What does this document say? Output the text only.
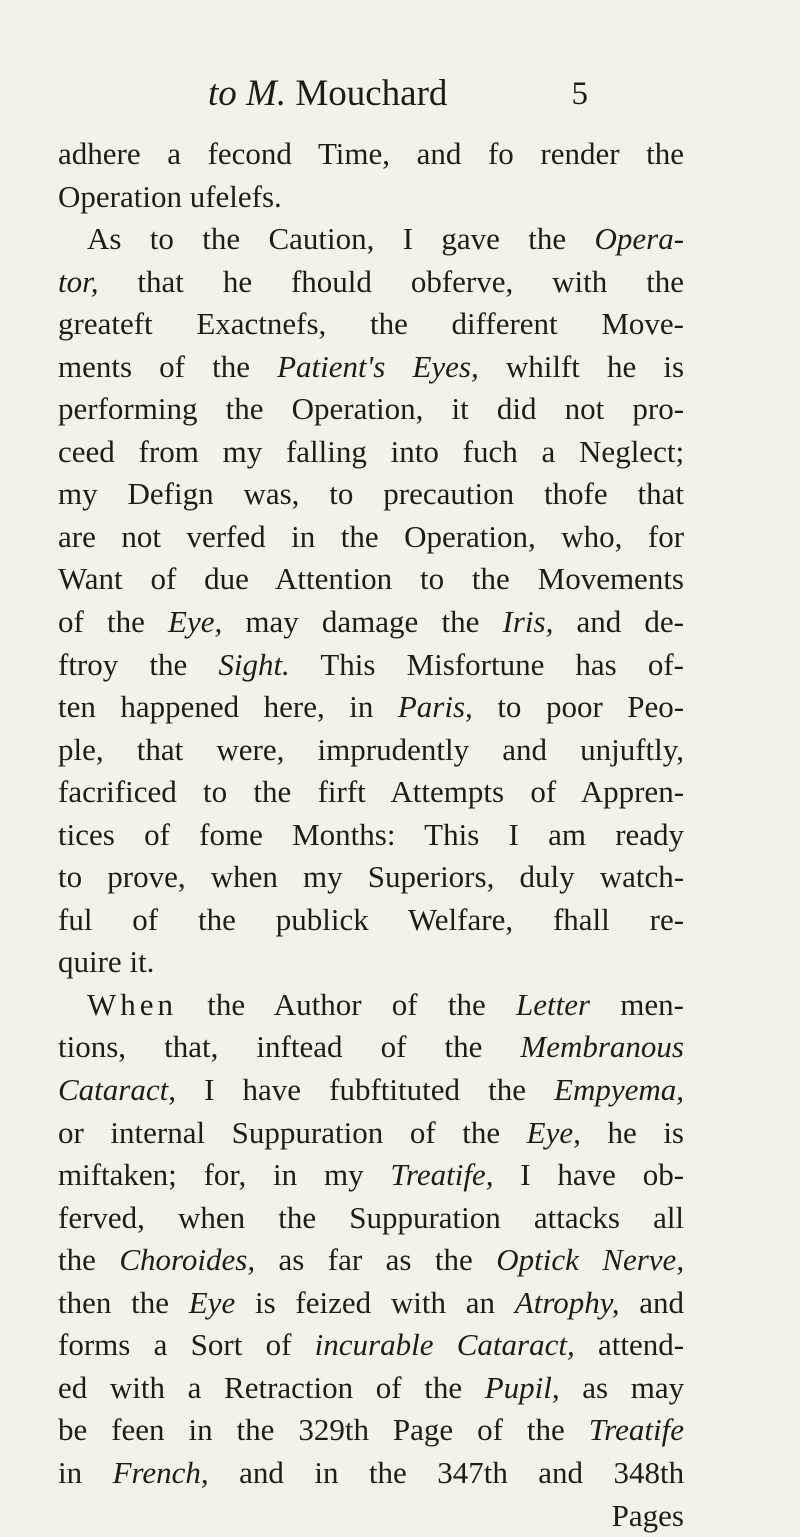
to M. Mouchard	5
adhere a fecond Time, and fo render the
Operation ufelefs.
As to the Caution, I gave the Opera-
tor, that he fhould obferve, with the
greateft Exactnefs, the different Move-
ments of the Patient's Eyes, whilft he is
performing the Operation, it did not pro-
ceed from my falling into fuch a Neglect;
my Defign was, to precaution thofe that
are not verfed in the Operation, who, for
Want of due Attention to the Movements
of the Eye, may damage the Iris, and de-
ftroy the Sight. This Misfortune has of-
ten happened here, in Paris, to poor Peo-
ple, that were, imprudently and unjuftly,
facrificed to the firft Attempts of Appren-
tices of fome Months: This I am ready
to prove, when my Superiors, duly watch-
ful of the publick Welfare, fhall re-
quire it.
When the Author of the Letter men-
tions, that, inftead of the Membranous
Cataract, I have fubftituted the Empyema,
or internal Suppuration of the Eye, he is
miftaken; for, in my Treatife, I have ob-
ferved, when the Suppuration attacks all
the Choroides, as far as the Optick Nerve,
then the Eye is feized with an Atrophy, and
forms a Sort of incurable Cataract, attend-
ed with a Retraction of the Pupil, as may
be feen in the 329th Page of the Treatife
in French, and in the 347th and 348th
Pages
